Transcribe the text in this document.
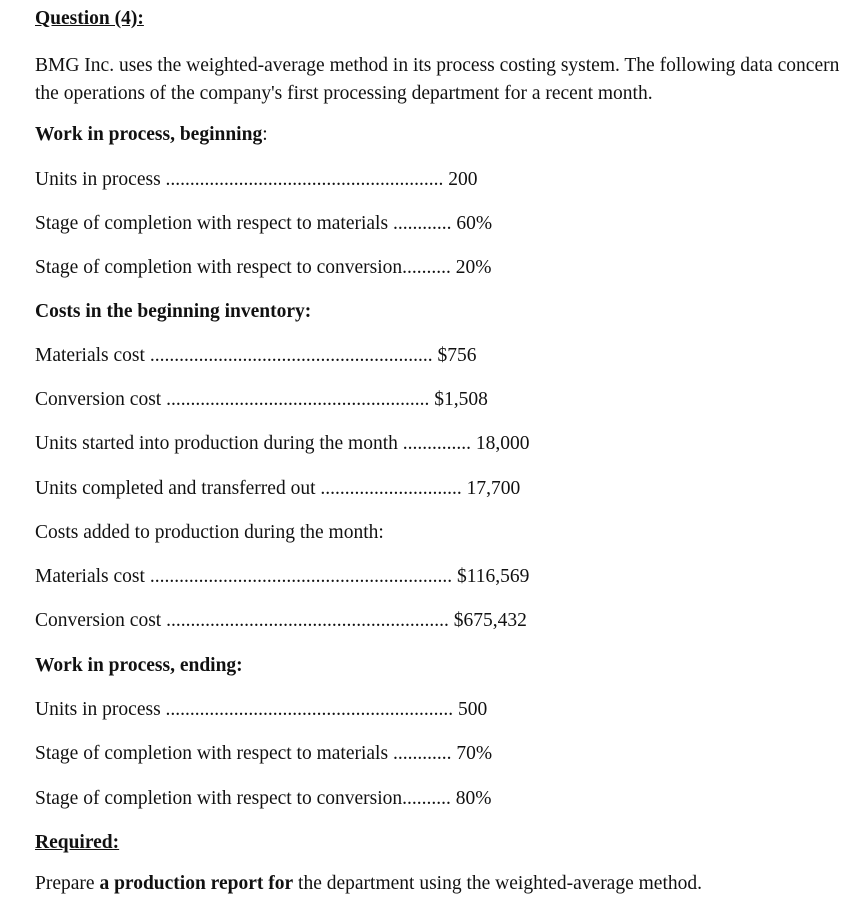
Question (4):
BMG Inc. uses the weighted-average method in its process costing system. The following data concern the operations of the company's first processing department for a recent month.
Work in process, beginning:
Units in process ......................................................... 200
Stage of completion with respect to materials ............ 60%
Stage of completion with respect to conversion.......... 20%
Costs in the beginning inventory:
Materials cost .......................................................... $756
Conversion cost ...................................................... $1,508
Units started into production during the month .............. 18,000
Units completed and transferred out ............................. 17,700
Costs added to production during the month:
Materials cost .............................................................. $116,569
Conversion cost .......................................................... $675,432
Work in process, ending:
Units in process ........................................................... 500
Stage of completion with respect to materials ............ 70%
Stage of completion with respect to conversion.......... 80%
Required:
Prepare a production report for the department using the weighted-average method.
